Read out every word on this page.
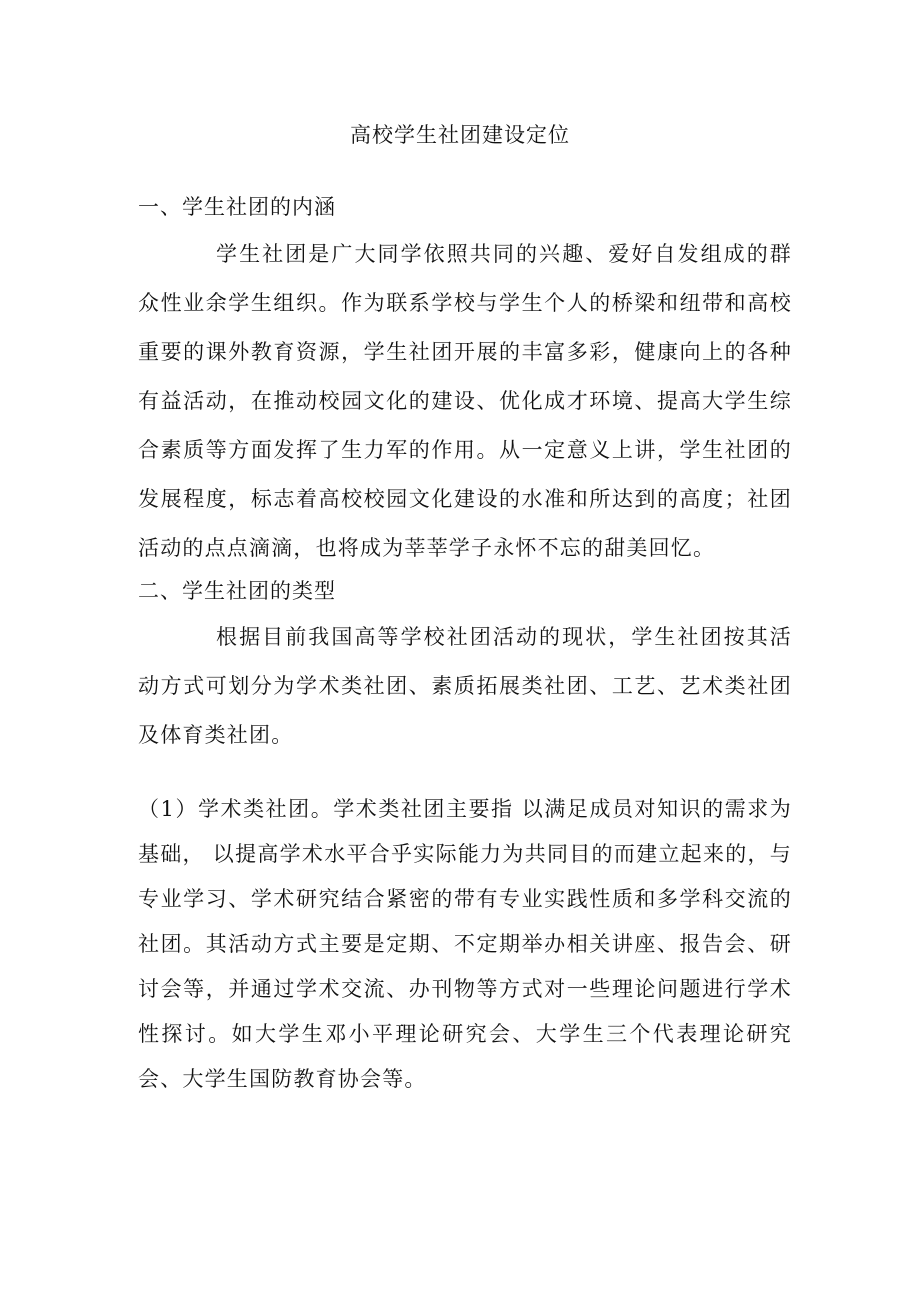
高校学生社团建设定位
一、学生社团的内涵

学生社团是广大同学依照共同的兴趣、爱好自发组成的群众性业余学生组织。作为联系学校与学生个人的桥梁和纽带和高校重要的课外教育资源，学生社团开展的丰富多彩，健康向上的各种有益活动，在推动校园文化的建设、优化成才环境、提高大学生综合素质等方面发挥了生力军的作用。从一定意义上讲，学生社团的发展程度，标志着高校校园文化建设的水准和所达到的高度；社团活动的点点滴滴，也将成为莘莘学子永怀不忘的甜美回忆。

二、学生社团的类型

根据目前我国高等学校社团活动的现状，学生社团按其活动方式可划分为学术类社团、素质拓展类社团、工艺、艺术类社团及体育类社团。

（1）学术类社团。学术类社团主要指 以满足成员对知识的需求为基础， 以提高学术水平合乎实际能力为共同目的而建立起来的，与专业学习、学术研究结合紧密的带有专业实践性质和多学科交流的社团。其活动方式主要是定期、不定期举办相关讲座、报告会、研讨会等，并通过学术交流、办刊物等方式对一些理论问题进行学术性探讨。如大学生邓小平理论研究会、大学生三个代表理论研究会、大学生国防教育协会等。
